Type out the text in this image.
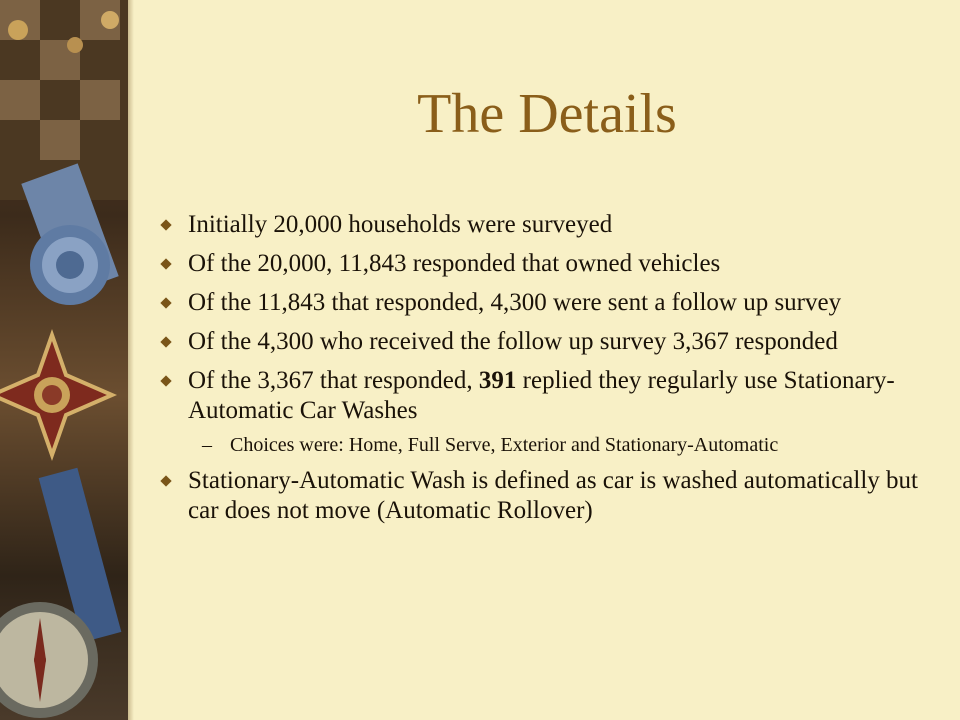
The Details
Initially 20,000 households were surveyed
Of the 20,000, 11,843 responded that owned vehicles
Of the 11,843 that responded, 4,300 were sent a follow up survey
Of the 4,300 who received the follow up survey 3,367 responded
Of the 3,367 that responded, 391 replied they regularly use Stationary-Automatic Car Washes
– Choices were: Home, Full Serve, Exterior and Stationary-Automatic
Stationary-Automatic Wash is defined as car is washed automatically but car does not move (Automatic Rollover)
